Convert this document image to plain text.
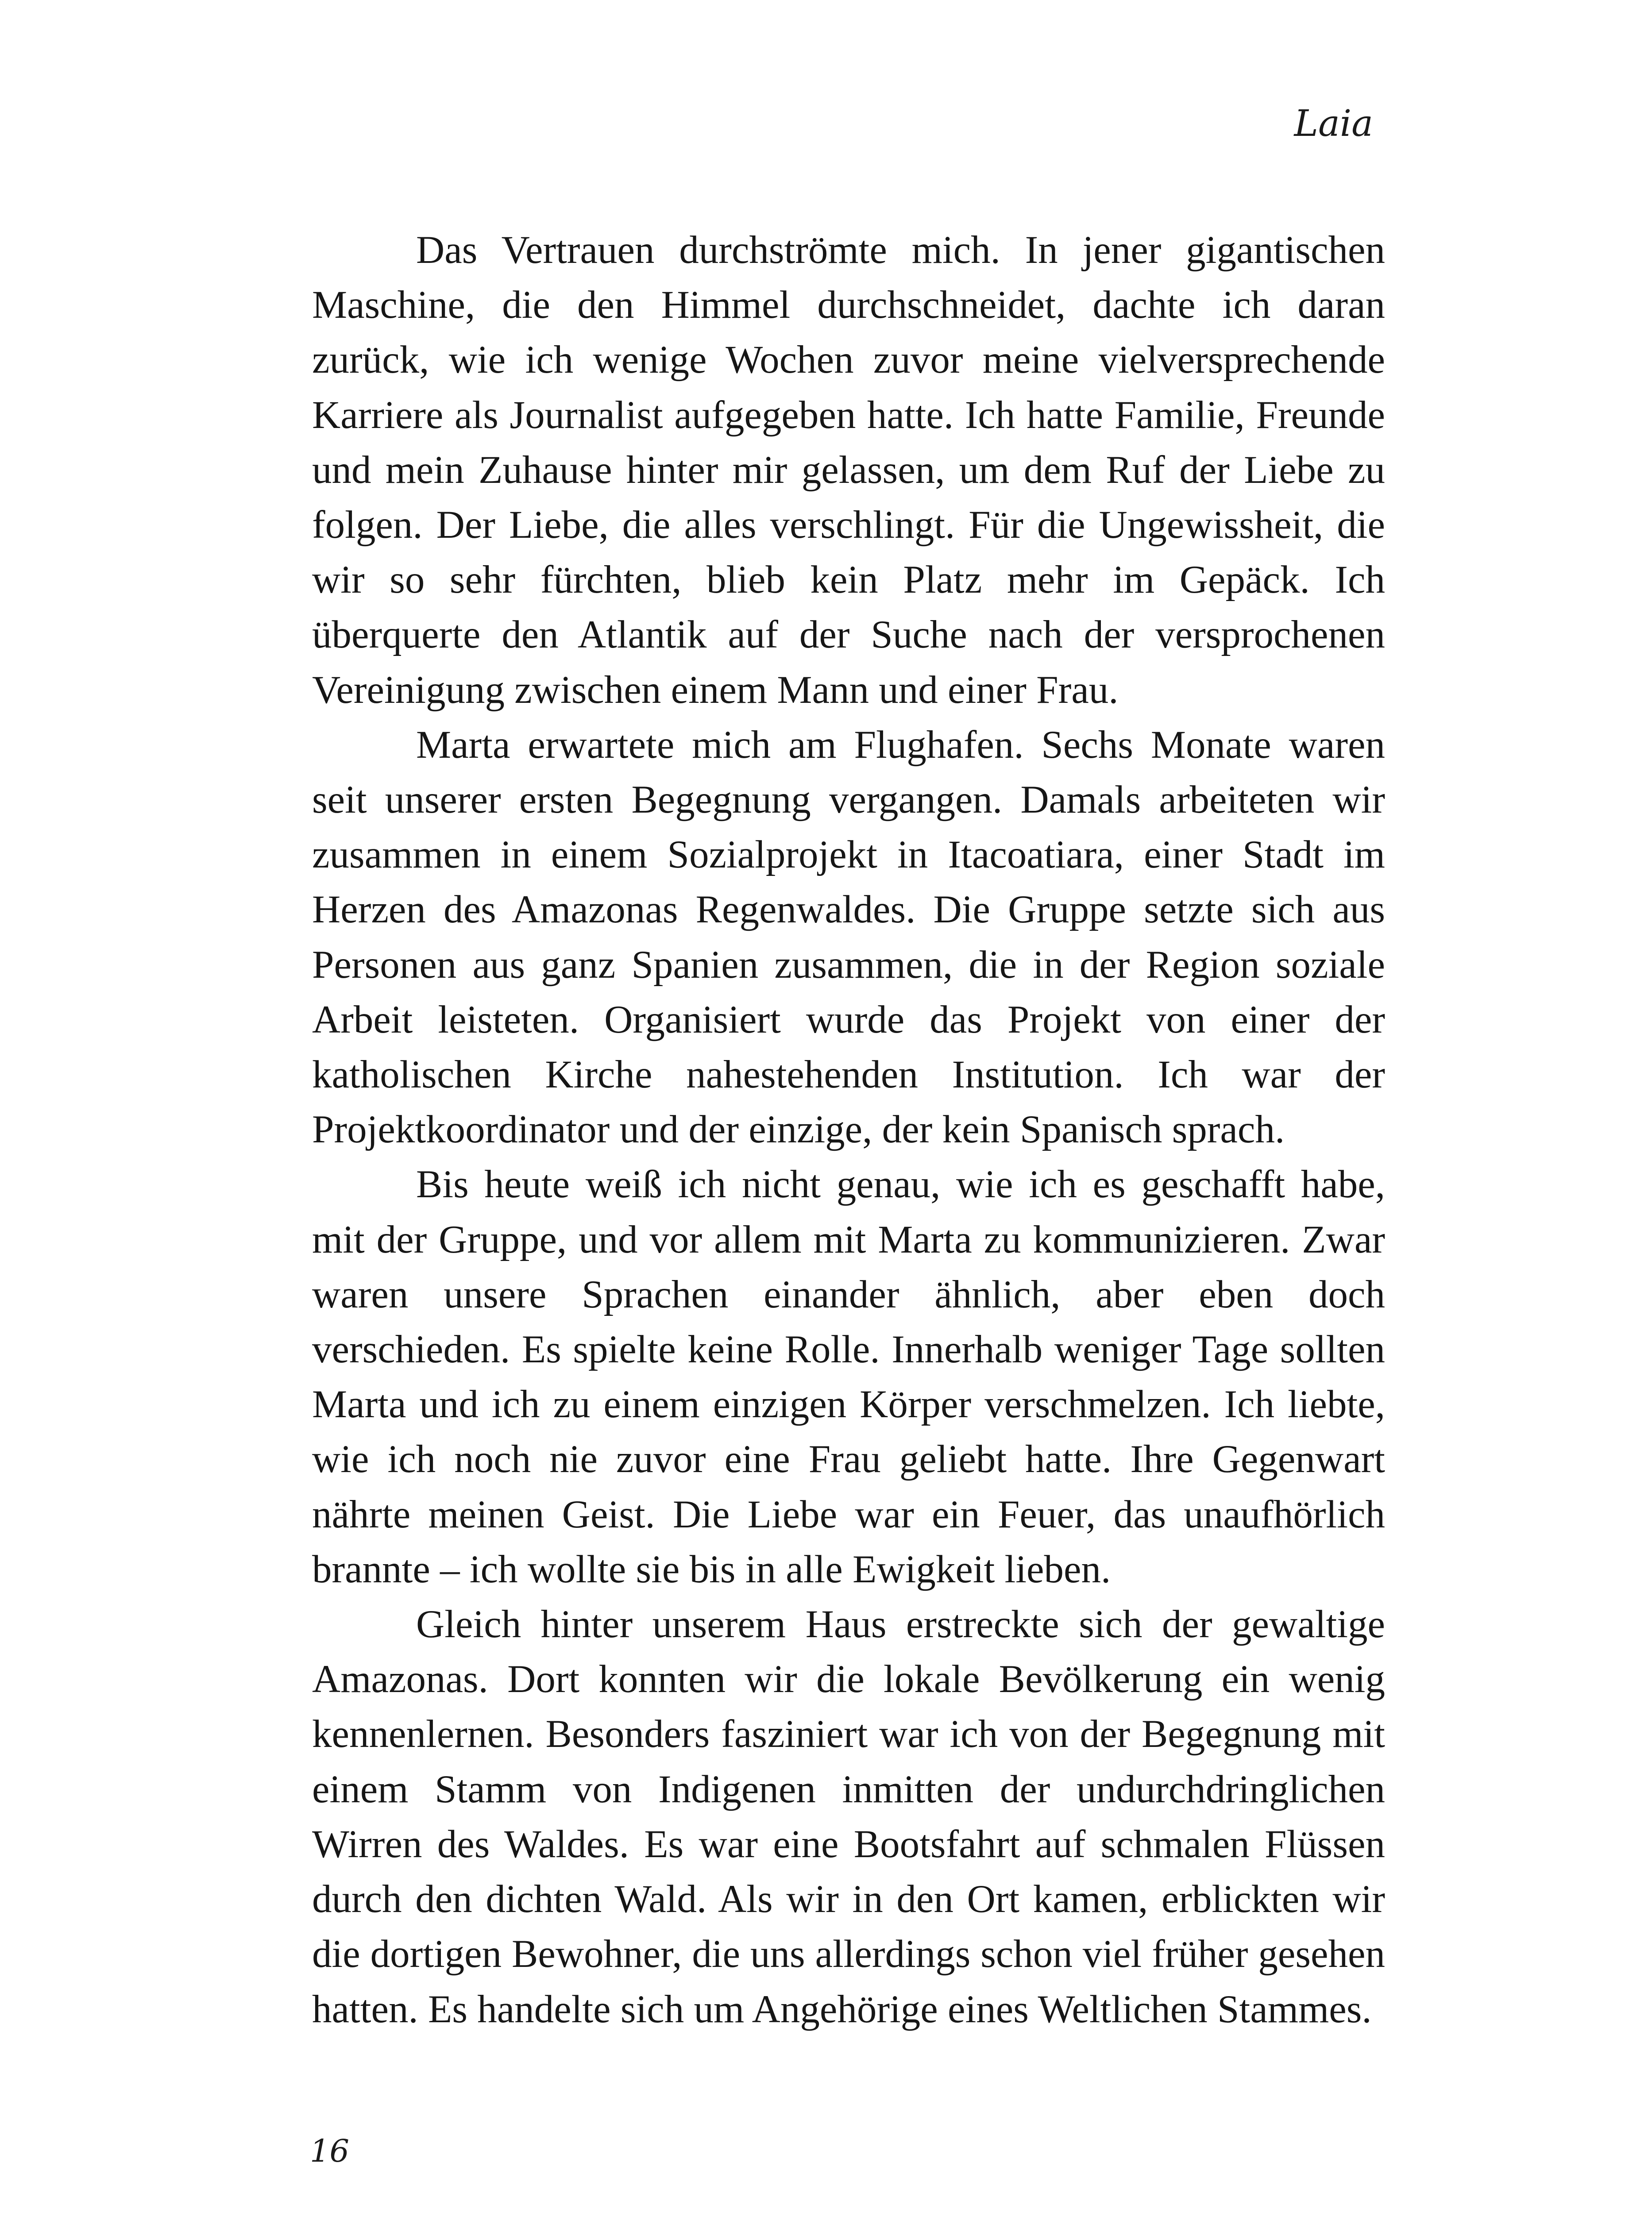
Laia

Das Vertrauen durchströmte mich. In jener gigantischen Maschine, die den Himmel durchschneidet, dachte ich daran zurück, wie ich wenige Wochen zuvor meine vielversprechende Karriere als Journalist aufgegeben hatte. Ich hatte Familie, Freunde und mein Zuhause hinter mir gelassen, um dem Ruf der Liebe zu folgen. Der Liebe, die alles verschlingt. Für die Ungewissheit, die wir so sehr fürchten, blieb kein Platz mehr im Gepäck. Ich überquerte den Atlantik auf der Suche nach der versprochenen Vereinigung zwischen einem Mann und einer Frau.

Marta erwartete mich am Flughafen. Sechs Monate waren seit unserer ersten Begegnung vergangen. Damals arbeiteten wir zusammen in einem Sozialprojekt in Itacoatiara, einer Stadt im Herzen des Amazonas Regenwaldes. Die Gruppe setzte sich aus Personen aus ganz Spanien zusammen, die in der Region soziale Arbeit leisteten. Organisiert wurde das Projekt von einer der katholischen Kirche nahestehenden Institution. Ich war der Projektkoordinator und der einzige, der kein Spanisch sprach.

Bis heute weiß ich nicht genau, wie ich es geschafft habe, mit der Gruppe, und vor allem mit Marta zu kommunizieren. Zwar waren unsere Sprachen einander ähnlich, aber eben doch verschieden. Es spielte keine Rolle. Innerhalb weniger Tage sollten Marta und ich zu einem einzigen Körper verschmelzen. Ich liebte, wie ich noch nie zuvor eine Frau geliebt hatte. Ihre Gegenwart nährte meinen Geist. Die Liebe war ein Feuer, das unaufhörlich brannte – ich wollte sie bis in alle Ewigkeit lieben.

Gleich hinter unserem Haus erstreckte sich der gewaltige Amazonas. Dort konnten wir die lokale Bevölkerung ein wenig kennenlernen. Besonders fasziniert war ich von der Begegnung mit einem Stamm von Indigenen inmitten der undurchdringlichen Wirren des Waldes. Es war eine Bootsfahrt auf schmalen Flüssen durch den dichten Wald. Als wir in den Ort kamen, erblickten wir die dortigen Bewohner, die uns allerdings schon viel früher gesehen hatten. Es handelte sich um Angehörige eines Weltlichen Stammes.

16
